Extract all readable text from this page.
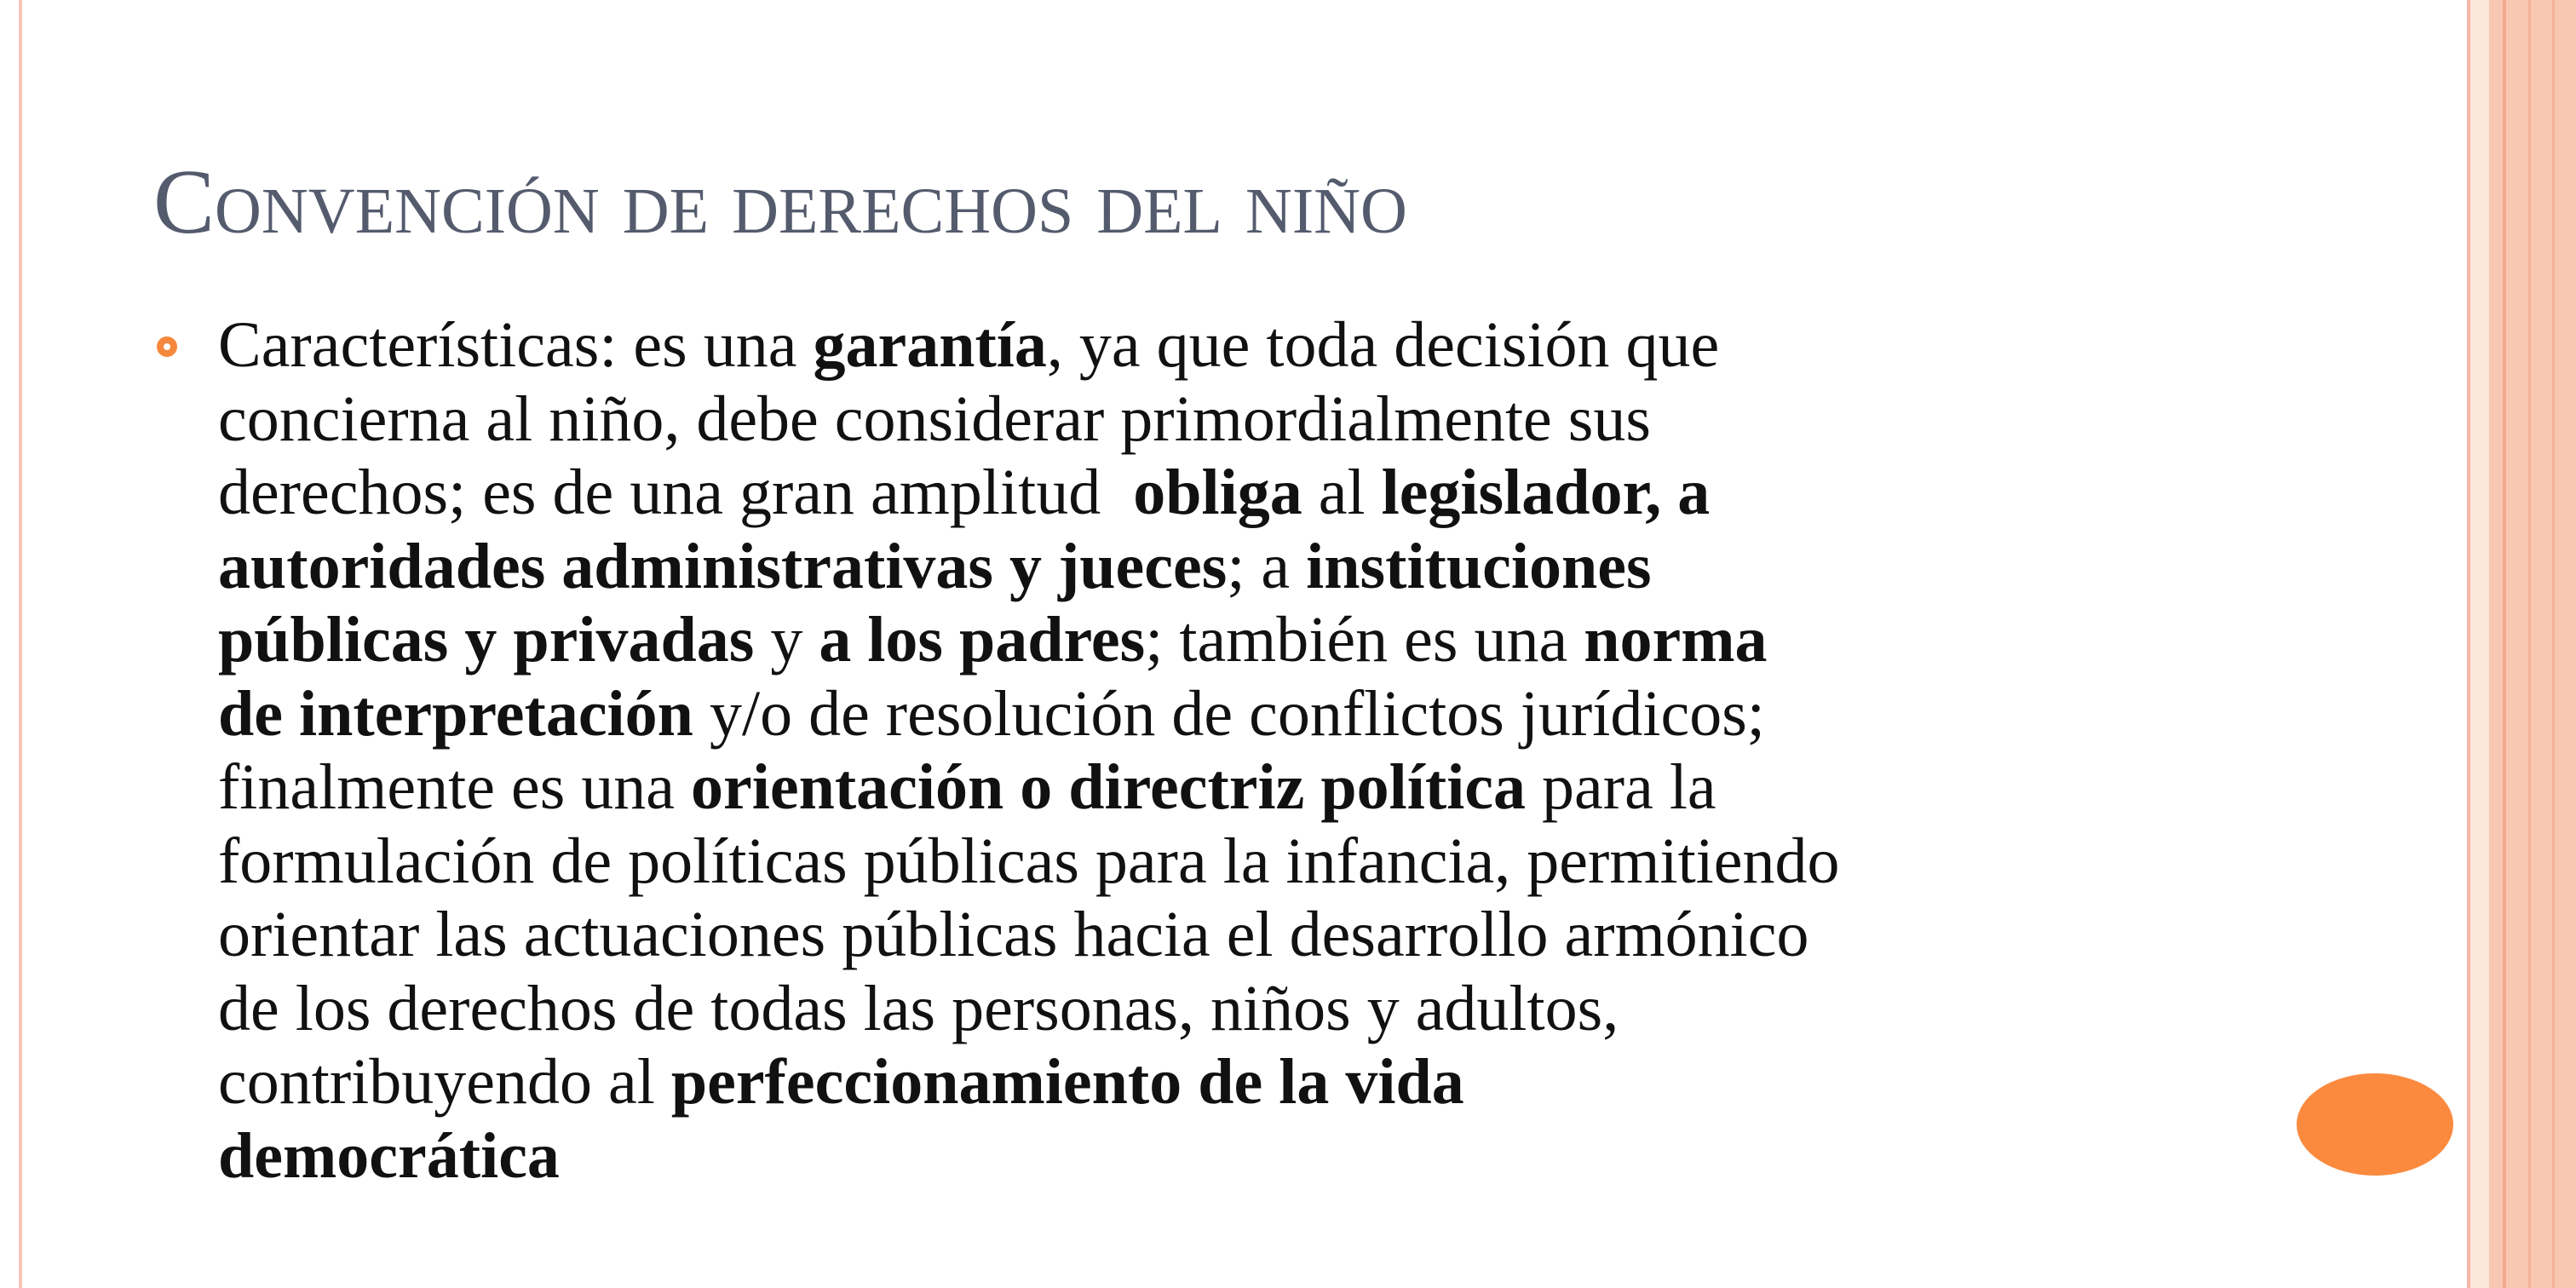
Convención de derechos del niño

Características: es una garantía, ya que toda decisión que
concierna al niño, debe considerar primordialmente sus
derechos; es de una gran amplitud  obliga al legislador, a
autoridades administrativas y jueces; a instituciones
públicas y privadas y a los padres; también es una norma
de interpretación y/o de resolución de conflictos jurídicos;
finalmente es una orientación o directriz política para la
formulación de políticas públicas para la infancia, permitiendo
orientar las actuaciones públicas hacia el desarrollo armónico
de los derechos de todas las personas, niños y adultos,
contribuyendo al perfeccionamiento de la vida
democrática
